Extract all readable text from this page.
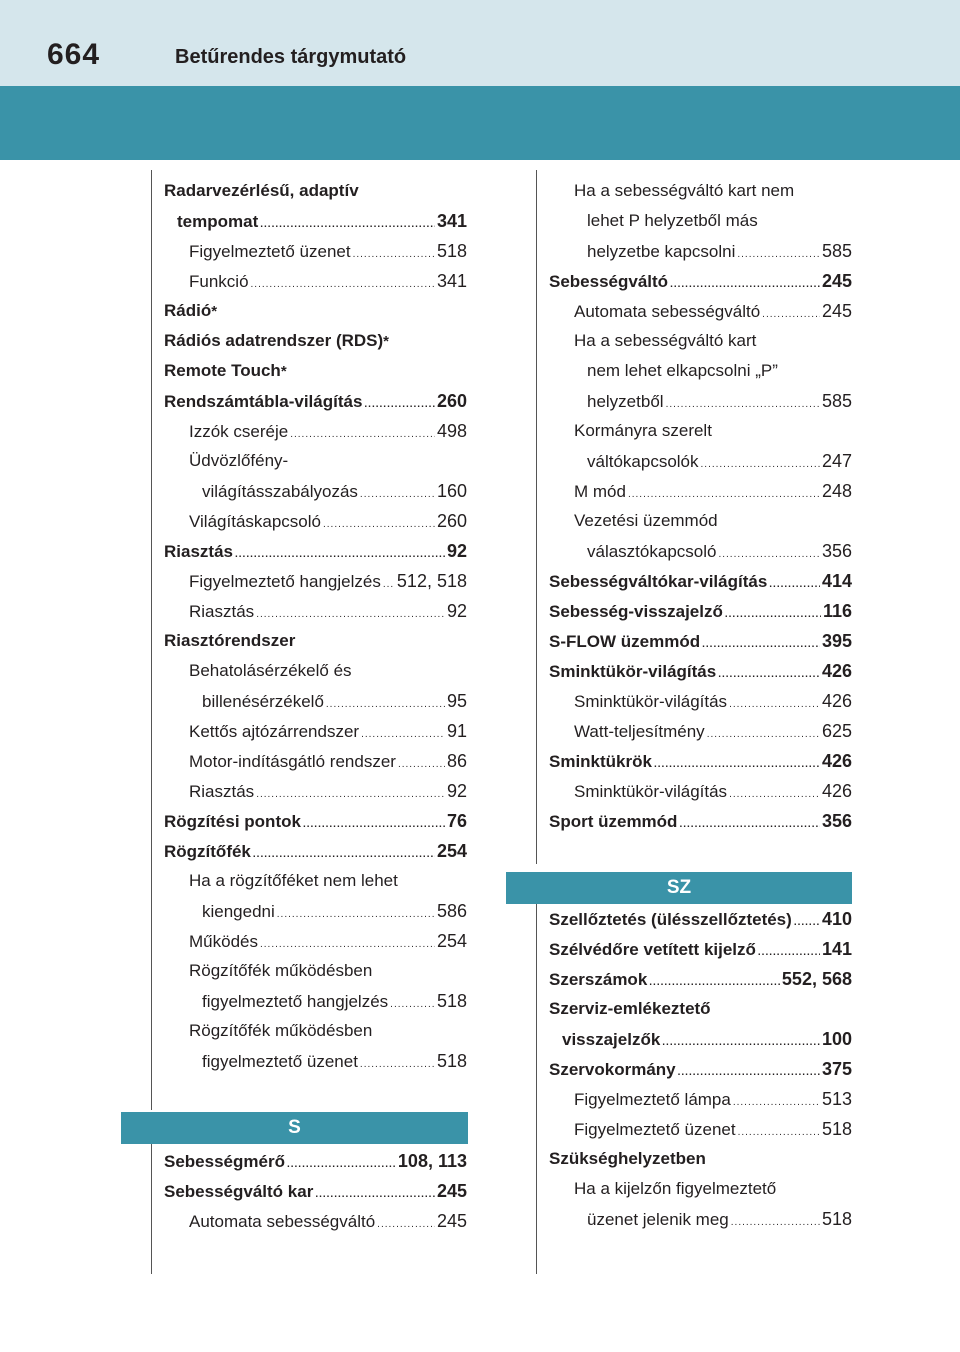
664	Betűrendes tárgymutató
Radarvezérlésű, adaptív
tempomat .....	341
Figyelmeztető üzenet .....	518
Funkció .....	341
Rádió *
Rádiós adatrendszer (RDS) *
Remote Touch *
Rendszámtábla-világítás .....	260
Izzók cseréje .....	498
Üdvözlőfény-
világításszabályozás .....	160
Világításkapcsoló .....	260
Riasztás .....	92
Figyelmeztető hangjelzés ..... 512, 518
Riasztás .....	92
Riasztórendszer
Behatolásérzékelő és
billenésérzékelő .....	95
Kettős ajtózárrendszer .....	91
Motor-indításgátló rendszer .....	86
Riasztás .....	92
Rögzítési pontok .....	76
Rögzítőfék .....	254
Ha a rögzítőféket nem lehet
kiengedni .....	586
Működés .....	254
Rögzítőfék működésben
figyelmeztető hangjelzés .....	518
Rögzítőfék működésben
figyelmeztető üzenet .....	518
S
Sebességmérő .....	108, 113
Sebességváltó kar .....	245
Automata sebességváltó .....	245
Ha a sebességváltó kart nem
lehet P helyzetből más
helyzetbe kapcsolni .....	585
Sebességváltó .....	245
Automata sebességváltó .....	245
Ha a sebességváltó kart
nem lehet elkapcsolni „P”
helyzetből .....	585
Kormányra szerelt
váltókapcsolók .....	247
M mód .....	248
Vezetési üzemmód
választókapcsoló .....	356
Sebességváltókar-világítás .....	414
Sebesség-visszajelző .....	116
S-FLOW üzemmód .....	395
Sminktükör-világítás .....	426
Sminktükör-világítás .....	426
Watt-teljesítmény .....	625
Sminktükrök .....	426
Sminktükör-világítás .....	426
Sport üzemmód .....	356
SZ
Szellőztetés (ülésszellőztetés) ..... 410
Szélvédőre vetített kijelző .....	141
Szerszámok .....	552, 568
Szerviz-emlékeztető
visszajelzők .....	100
Szervokormány .....	375
Figyelmeztető lámpa .....	513
Figyelmeztető üzenet .....	518
Szükséghelyzetben
Ha a kijelzőn figyelmeztető
üzenet jelenik meg .....	518
